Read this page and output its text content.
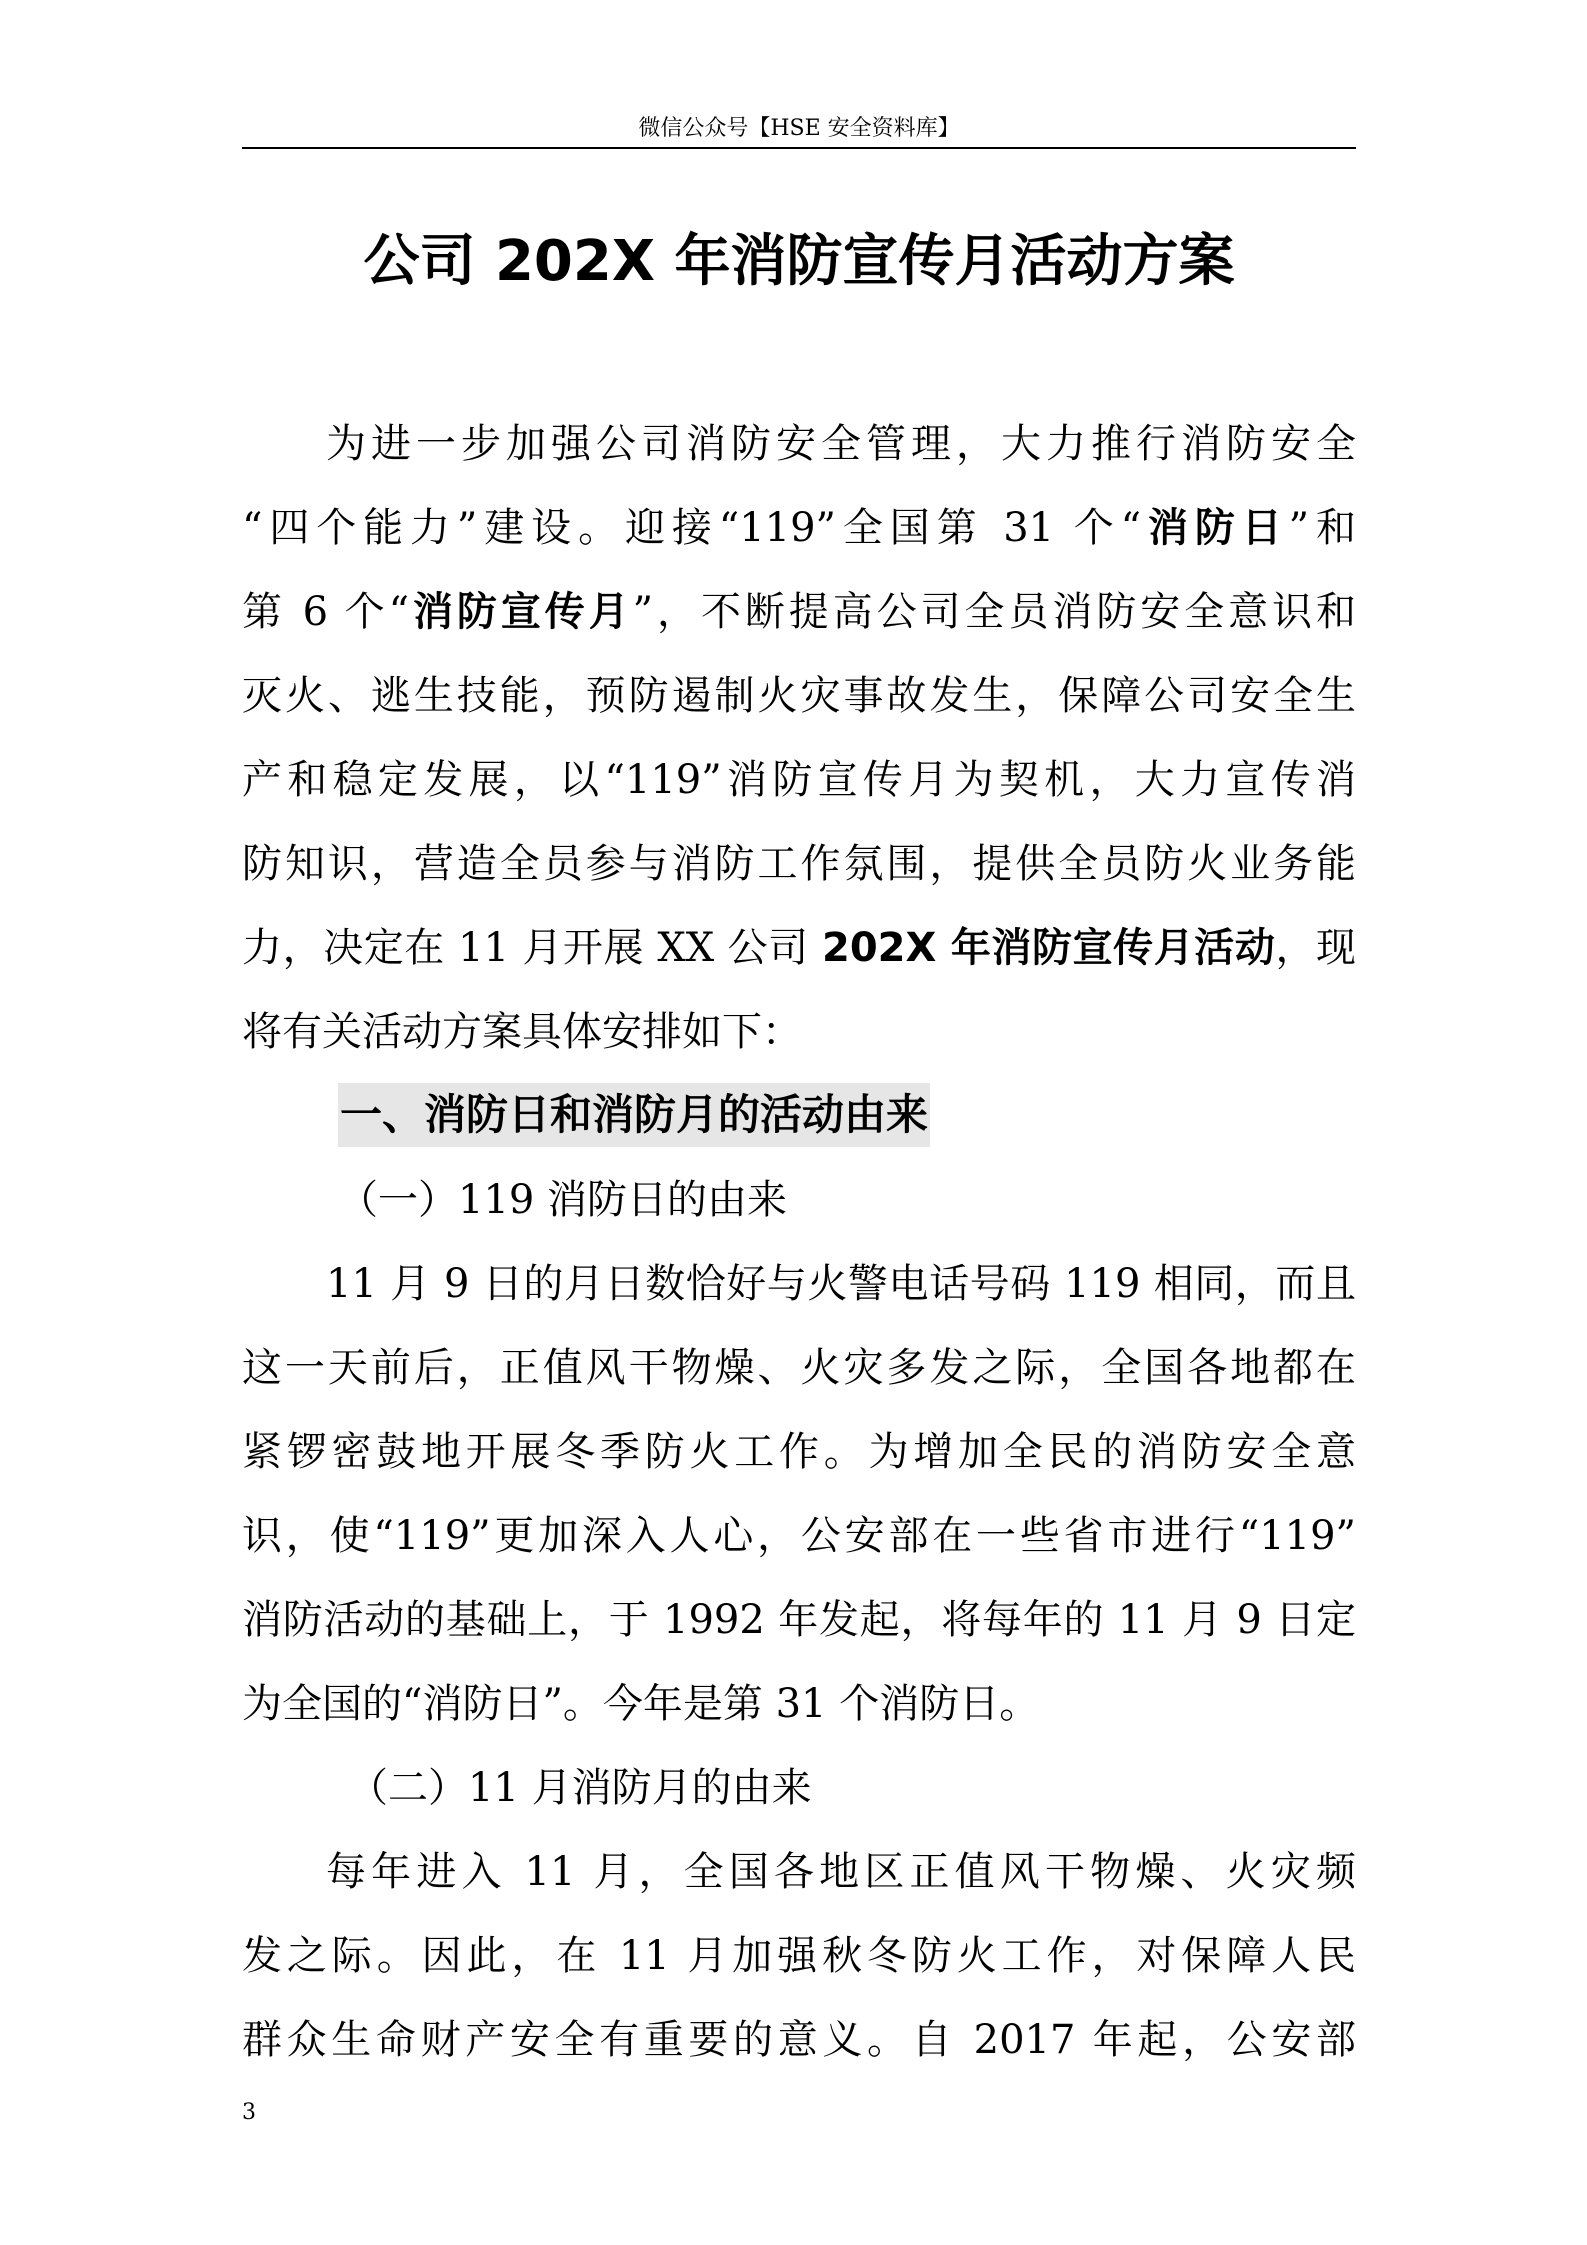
微信公众号【HSE 安全资料库】
公司 202X 年消防宣传月活动方案
为进一步加强公司消防安全管理，大力推行消防安全
“四个能力”建设。迎接“119”全国第 31 个“消防日”和
第 6 个“消防宣传月”，不断提高公司全员消防安全意识和
灭火、逃生技能，预防遏制火灾事故发生，保障公司安全生
产和稳定发展，以“119”消防宣传月为契机，大力宣传消
防知识，营造全员参与消防工作氛围，提供全员防火业务能
力，决定在 11 月开展 XX 公司 202X 年消防宣传月活动，现
将有关活动方案具体安排如下：
一、消防日和消防月的活动由来
（一）119 消防日的由来
11 月 9 日的月日数恰好与火警电话号码 119 相同，而且
这一天前后，正值风干物燥、火灾多发之际，全国各地都在
紧锣密鼓地开展冬季防火工作。为增加全民的消防安全意
识，使“119”更加深入人心，公安部在一些省市进行“119”
消防活动的基础上，于 1992 年发起，将每年的 11 月 9 日定
为全国的“消防日”。今年是第 31 个消防日。
（二）11 月消防月的由来
每年进入 11 月，全国各地区正值风干物燥、火灾频
发之际。因此，在 11 月加强秋冬防火工作，对保障人民
群众生命财产安全有重要的意义。自 2017 年起，公安部
3
